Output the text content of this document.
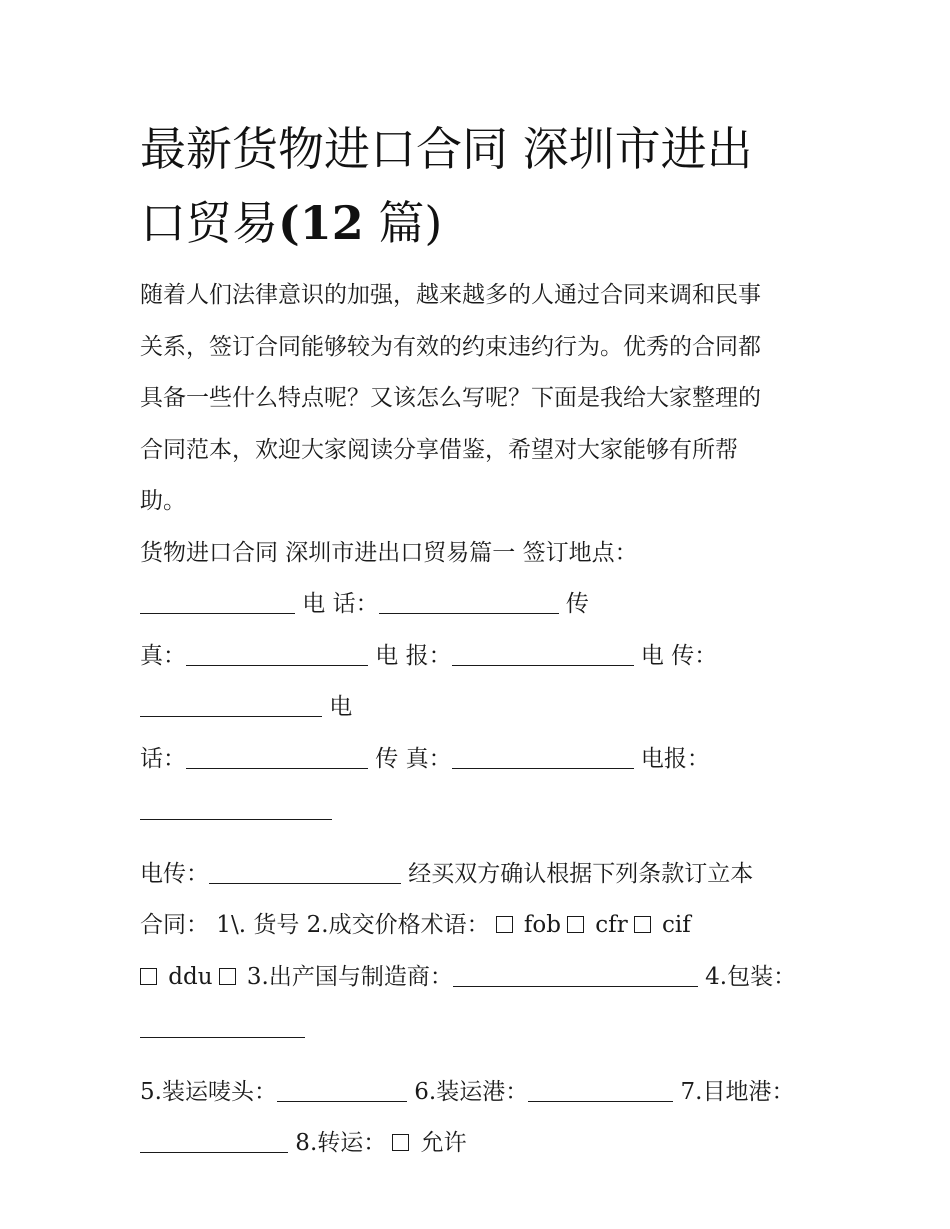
最新货物进口合同 深圳市进出
口贸易(12 篇)
随着人们法律意识的加强，越来越多的人通过合同来调和民事
关系，签订合同能够较为有效的约束违约行为。优秀的合同都
具备一些什么特点呢？又该怎么写呢？下面是我给大家整理的
合同范本，欢迎大家阅读分享借鉴，希望对大家能够有所帮
助。
货物进口合同 深圳市进出口贸易篇一 签订地点：
电 话：	传
真：	电 报：	电 传：
电
话：	传 真：	电报：
电传：	经买双方确认根据下列条款订立本
合同： 1\. 货号 2.成交价格术语： fob cfr cif
ddu 3.出产国与制造商：	4.包装：
5.装运唛头：	6.装运港：	7.目地港：
8.转运： 允许
